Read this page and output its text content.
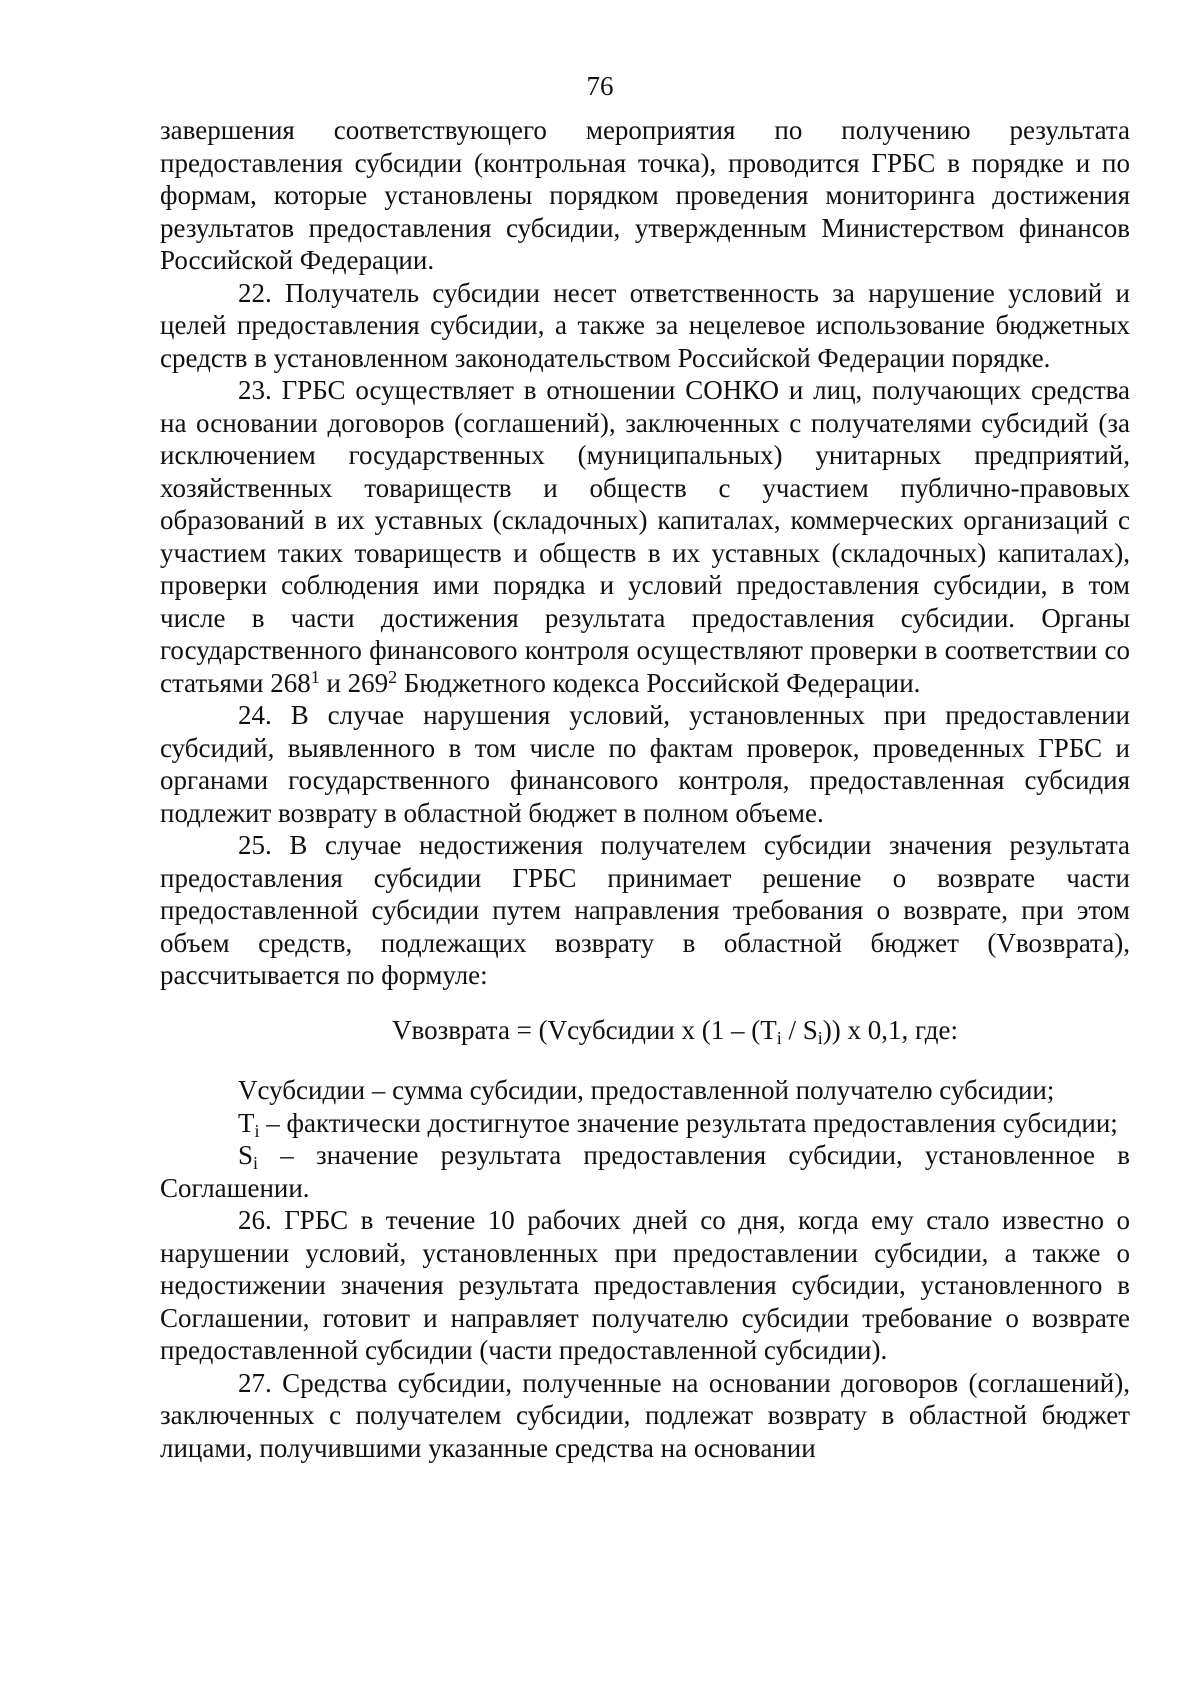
76

завершения соответствующего мероприятия по получению результата предоставления субсидии (контрольная точка), проводится ГРБС в порядке и по формам, которые установлены порядком проведения мониторинга достижения результатов предоставления субсидии, утвержденным Министерством финансов Российской Федерации.

22. Получатель субсидии несет ответственность за нарушение условий и целей предоставления субсидии, а также за нецелевое использование бюджетных средств в установленном законодательством Российской Федерации порядке.

23. ГРБС осуществляет в отношении СОНКО и лиц, получающих средства на основании договоров (соглашений), заключенных с получателями субсидий (за исключением государственных (муниципальных) унитарных предприятий, хозяйственных товариществ и обществ с участием публично-правовых образований в их уставных (складочных) капиталах, коммерческих организаций с участием таких товариществ и обществ в их уставных (складочных) капиталах), проверки соблюдения ими порядка и условий предоставления субсидии, в том числе в части достижения результата предоставления субсидии. Органы государственного финансового контроля осуществляют проверки в соответствии со статьями $268^1$ и $269^2$ Бюджетного кодекса Российской Федерации.

24. В случае нарушения условий, установленных при предоставлении субсидий, выявленного в том числе по фактам проверок, проведенных ГРБС и органами государственного финансового контроля, предоставленная субсидия подлежит возврату в областной бюджет в полном объеме.

25. В случае недостижения получателем субсидии значения результата предоставления субсидии ГРБС принимает решение о возврате части предоставленной субсидии путем направления требования о возврате, при этом объем средств, подлежащих возврату в областной бюджет (Vвозврата), рассчитывается по формуле:

Vвозврата = (Vсубсидии х $(1 - (T_i / S_i))$ х 0,1, где:

Vсубсидии – сумма субсидии, предоставленной получателю субсидии;

$T_i$ – фактически достигнутое значение результата предоставления субсидии;

$S_i$ – значение результата предоставления субсидии, установленное в Соглашении.

26. ГРБС в течение 10 рабочих дней со дня, когда ему стало известно о нарушении условий, установленных при предоставлении субсидии, а также о недостижении значения результата предоставления субсидии, установленного в Соглашении, готовит и направляет получателю субсидии требование о возврате предоставленной субсидии (части предоставленной субсидии).

27. Средства субсидии, полученные на основании договоров (соглашений), заключенных с получателем субсидии, подлежат возврату в областной бюджет лицами, получившими указанные средства на основании
